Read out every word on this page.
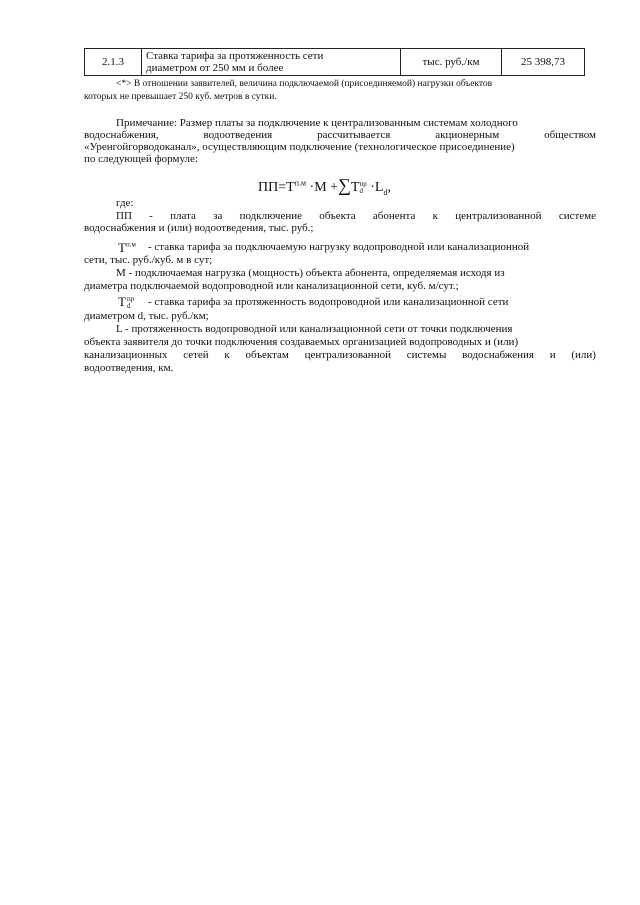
2.1.3	Ставка тарифа за протяженность сети
диаметром от 250 мм и более	тыс. руб./км	25 398,73
<*> В отношении заявителей, величина подключаемой (присоединяемой) нагрузки объектов
которых не превышает 250 куб. метров в сутки.
Примечание: Размер платы за подключение к централизованным системам холодного
водоснабжения,	водоотведения	рассчитывается	акционерным	обществом
«Уренгойгорводоканал», осуществляющим подключение (технологическое присоединение)
по следующей формуле:
$ПП=Т^{п.м} \cdot M +\sum Т$ пр
$d \cdot L_d$,
где:
ПП - плата за подключение объекта абонента к централизованной системе
водоснабжения и (или) водоотведения, тыс. руб.;
$Т^{п.м}$ - ставка тарифа за подключаемую нагрузку водопроводной или канализационной
сети, тыс. руб./куб. м в сут;
М - подключаемая нагрузка (мощность) объекта абонента, определяемая исходя из
диаметра подключаемой водопроводной или канализационной сети, куб. м/сут.;
Т пр
d	- ставка тарифа за протяженность водопроводной или канализационной сети
диаметром d, тыс. руб./км;
L - протяженность водопроводной или канализационной сети от точки подключения
объекта заявителя до точки подключения создаваемых организацией водопроводных и (или)
канализационных сетей к объектам централизованной системы водоснабжения и (или)
водоотведения, км.
